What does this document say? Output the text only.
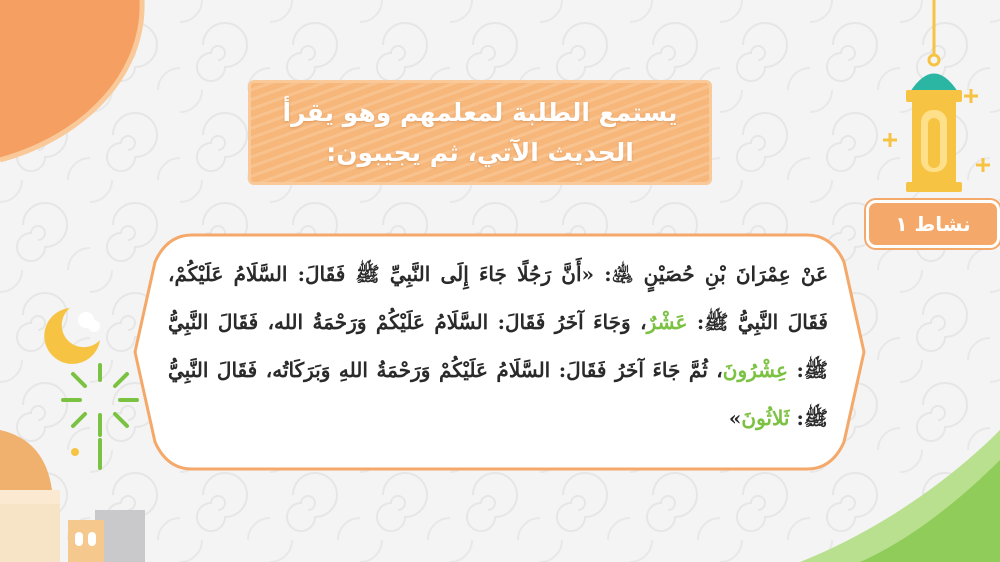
يستمع الطلبة لمعلمهم وهو يقرأ
الحديث الآتي، ثم يجيبون:
نشاط ١
عَنْ عِمْرَانَ بْنِ حُصَيْنٍ ﵁: «أَنَّ رَجُلًا جَاءَ إِلَى النَّبِيِّ ﷺ فَقَالَ: السَّلَامُ عَلَيْكُمْ، فَقَالَ النَّبِيُّ ﷺ: عَشْرٌ، وَجَاءَ آخَرُ فَقَالَ: السَّلَامُ عَلَيْكُمْ وَرَحْمَةُ الله، فَقَالَ النَّبِيُّ ﷺ: عِشْرُونَ، ثُمَّ جَاءَ آخَرُ فَقَالَ: السَّلَامُ عَلَيْكُمْ وَرَحْمَةُ اللهِ وَبَرَكَاتُه، فَقَالَ النَّبِيُّ ﷺ: ثَلاثُونَ»
